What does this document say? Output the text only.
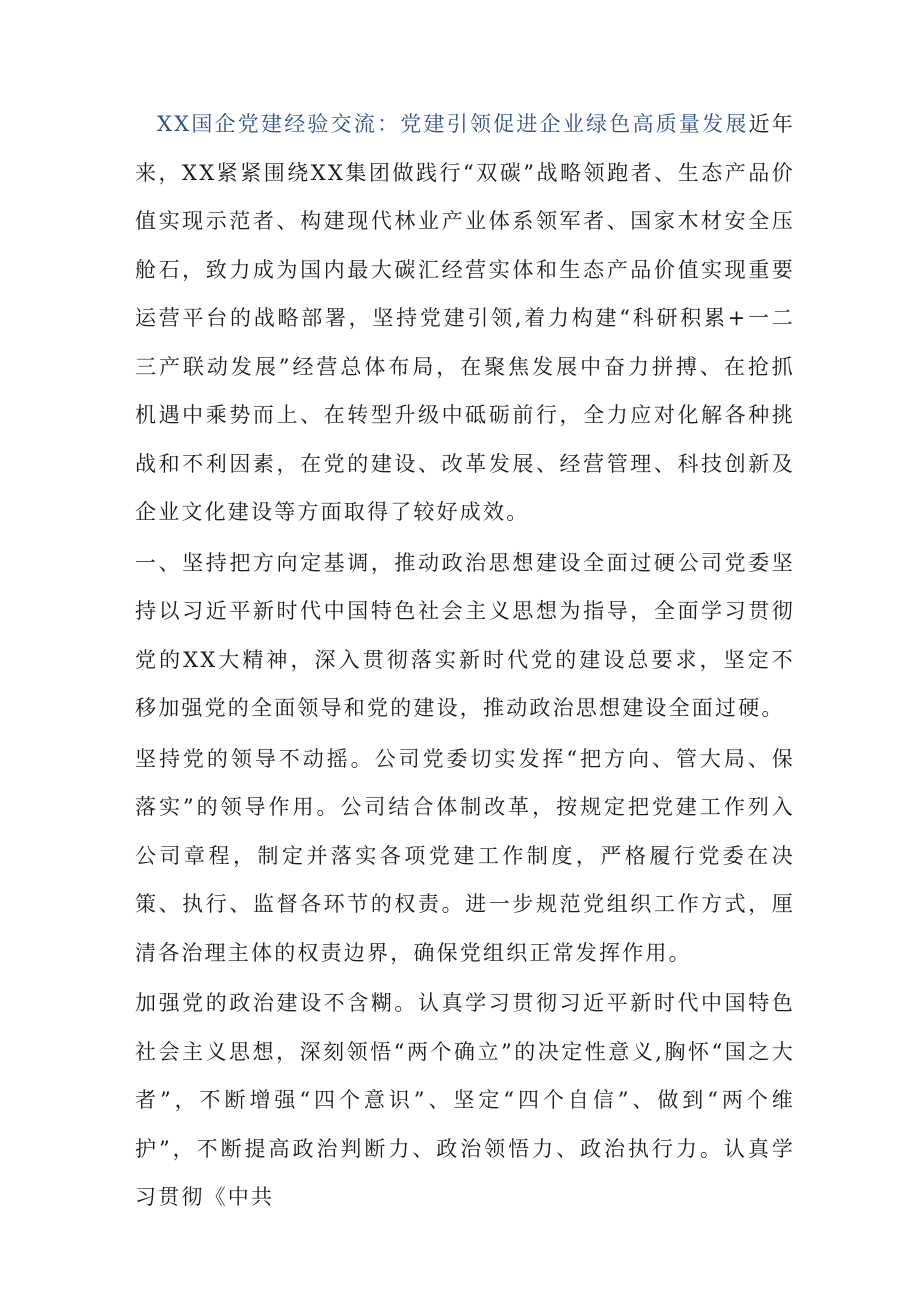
XX国企党建经验交流：党建引领促进企业绿色高质量发展近年来，XX紧紧围绕XX集团做践行“双碳”战略领跑者、生态产品价值实现示范者、构建现代林业产业体系领军者、国家木材安全压舱石，致力成为国内最大碳汇经营实体和生态产品价值实现重要运营平台的战略部署，坚持党建引领,着力构建“科研积累+一二三产联动发展”经营总体布局，在聚焦发展中奋力拼搏、在抢抓机遇中乘势而上、在转型升级中砥砺前行，全力应对化解各种挑战和不利因素，在党的建设、改革发展、经营管理、科技创新及企业文化建设等方面取得了较好成效。

一、坚持把方向定基调，推动政治思想建设全面过硬公司党委坚持以习近平新时代中国特色社会主义思想为指导，全面学习贯彻党的XX大精神，深入贯彻落实新时代党的建设总要求，坚定不移加强党的全面领导和党的建设，推动政治思想建设全面过硬。

坚持党的领导不动摇。公司党委切实发挥“把方向、管大局、保落实”的领导作用。公司结合体制改革，按规定把党建工作列入公司章程，制定并落实各项党建工作制度，严格履行党委在决策、执行、监督各环节的权责。进一步规范党组织工作方式，厘清各治理主体的权责边界，确保党组织正常发挥作用。

加强党的政治建设不含糊。认真学习贯彻习近平新时代中国特色社会主义思想，深刻领悟“两个确立”的决定性意义,胸怀“国之大者”，不断增强“四个意识”、坚定“四个自信”、做到“两个维护”，不断提高政治判断力、政治领悟力、政治执行力。认真学习贯彻《中共
